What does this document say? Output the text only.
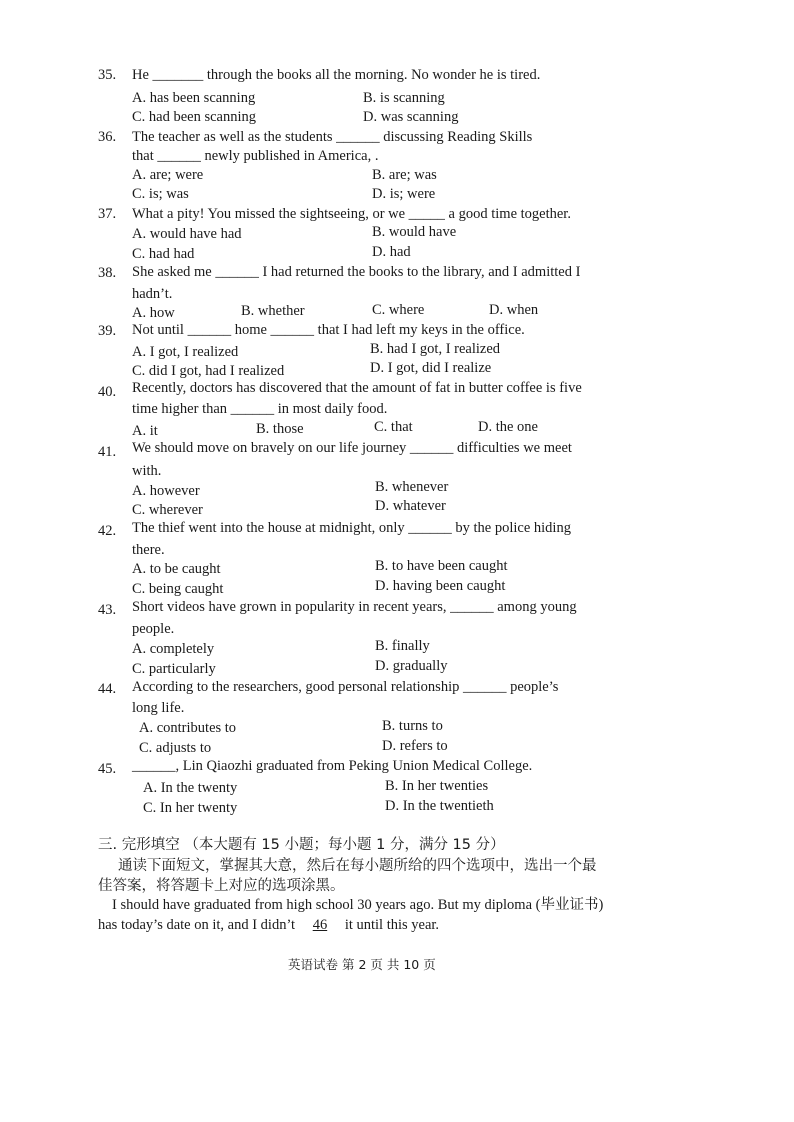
35. He _______ through the books all the morning. No wonder he is tired.
A. has been scanning	B. is scanning
C. had been scanning	D. was scanning
36. The teacher as well as the students ______ discussing Reading Skills
that ______ newly published in America, .
A. are; were	B. are; was
C. is; was	D. is; were
37. What a pity! You missed the sightseeing, or we _____ a good time together.
A. would have had	B. would have
C. had had	D. had
38. She asked me ______ I had returned the books to the library, and I admitted I
hadn’t.
A. how	B. whether	C. where	D. when
39. Not until ______ home ______ that I had left my keys in the office.
A. I got, I realized	B. had I got, I realized
C. did I got, had I realized	D. I got, did I realize
40. Recently, doctors has discovered that the amount of fat in butter coffee is five
time higher than ______ in most daily food.
A. it	B. those	C. that	D. the one
41. We should move on bravely on our life journey ______ difficulties we meet
with.
A. however	B. whenever
C. wherever	D. whatever
42. The thief went into the house at midnight, only ______ by the police hiding
there.
A. to be caught	B. to have been caught
C. being caught	D. having been caught
43. Short videos have grown in popularity in recent years, ______ among young
people.
A. completely	B. finally
C. particularly	D. gradually
44. According to the researchers, good personal relationship ______ people’s
long life.
A. contributes to	B. turns to
C. adjusts to	D. refers to
45. ______, Lin Qiaozhi graduated from Peking Union Medical College.
A. In the twenty	B. In her twenties
C. In her twenty	D. In the twentieth
三. 完形填空 （本大题有 15 小题；每小题 1 分，满分 15 分）
通读下面短文，掌握其大意，然后在每小题所给的四个选项中，选出一个最
佳答案，将答题卡上对应的选项涂黑。
I should have graduated from high school 30 years ago. But my diploma (毕业证书)
has today’s date on it, and I didn’t 46 it until this year.
英语试卷 第 2 页 共 10 页
